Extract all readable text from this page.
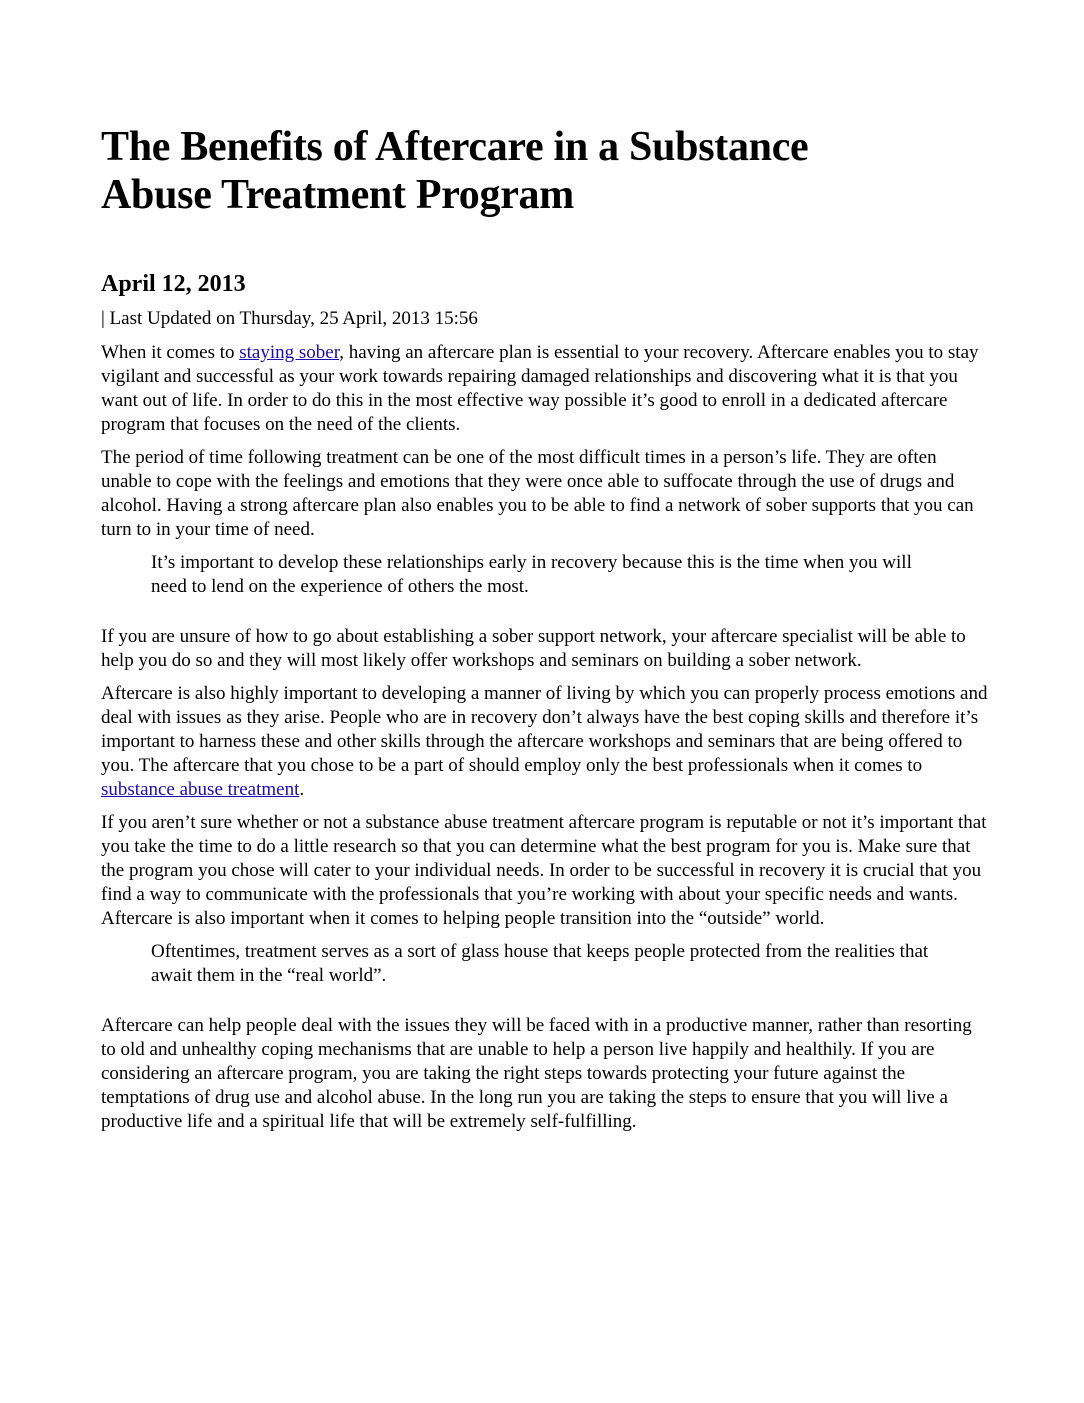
The Benefits of Aftercare in a Substance
Abuse Treatment Program
April 12, 2013
| Last Updated on Thursday, 25 April, 2013 15:56

When it comes to staying sober, having an aftercare plan is essential to your recovery. Aftercare enables you to stay vigilant and successful as your work towards repairing damaged relationships and discovering what it is that you want out of life. In order to do this in the most effective way possible it’s good to enroll in a dedicated aftercare program that focuses on the need of the clients.

The period of time following treatment can be one of the most difficult times in a person’s life. They are often unable to cope with the feelings and emotions that they were once able to suffocate through the use of drugs and alcohol. Having a strong aftercare plan also enables you to be able to find a network of sober supports that you can turn to in your time of need.

It’s important to develop these relationships early in recovery because this is the time when you will need to lend on the experience of others the most.

If you are unsure of how to go about establishing a sober support network, your aftercare specialist will be able to help you do so and they will most likely offer workshops and seminars on building a sober network.

Aftercare is also highly important to developing a manner of living by which you can properly process emotions and deal with issues as they arise. People who are in recovery don’t always have the best coping skills and therefore it’s important to harness these and other skills through the aftercare workshops and seminars that are being offered to you. The aftercare that you chose to be a part of should employ only the best professionals when it comes to substance abuse treatment.

If you aren’t sure whether or not a substance abuse treatment aftercare program is reputable or not it’s important that you take the time to do a little research so that you can determine what the best program for you is. Make sure that the program you chose will cater to your individual needs. In order to be successful in recovery it is crucial that you find a way to communicate with the professionals that you’re working with about your specific needs and wants. Aftercare is also important when it comes to helping people transition into the “outside” world.

Oftentimes, treatment serves as a sort of glass house that keeps people protected from the realities that await them in the “real world”.

Aftercare can help people deal with the issues they will be faced with in a productive manner, rather than resorting to old and unhealthy coping mechanisms that are unable to help a person live happily and healthily. If you are considering an aftercare program, you are taking the right steps towards protecting your future against the temptations of drug use and alcohol abuse. In the long run you are taking the steps to ensure that you will live a productive life and a spiritual life that will be extremely self-fulfilling.
